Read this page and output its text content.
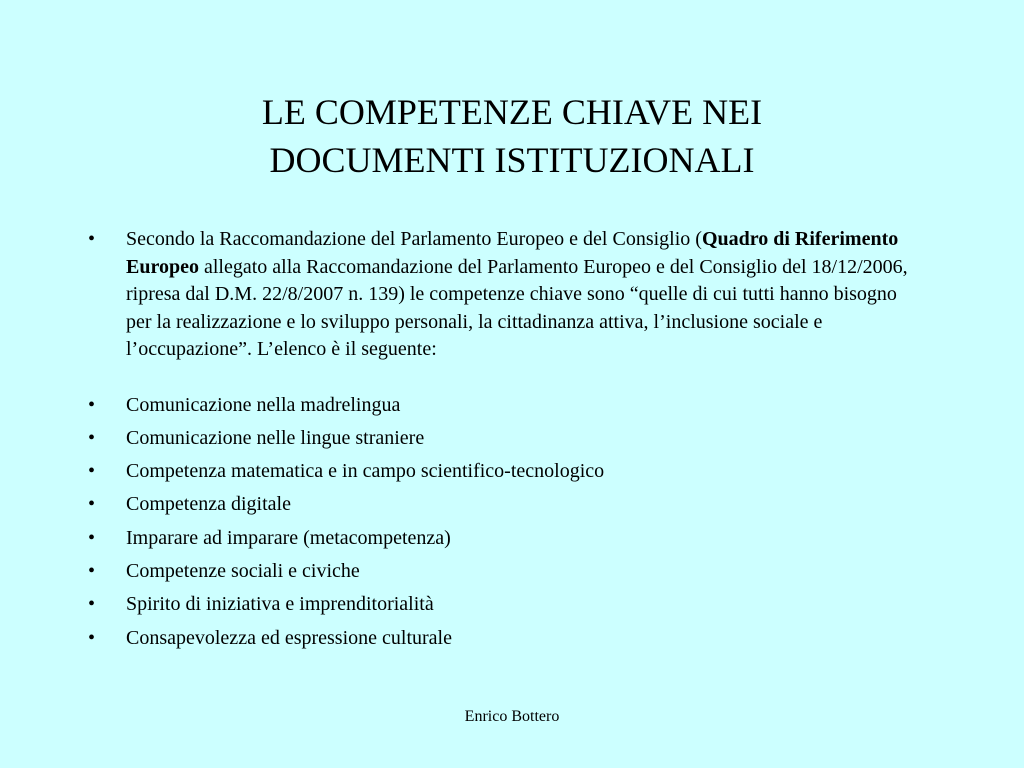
LE COMPETENZE CHIAVE NEI
DOCUMENTI ISTITUZIONALI
• Secondo la Raccomandazione del Parlamento Europeo e del Consiglio (Quadro di Riferimento Europeo allegato alla Raccomandazione del Parlamento Europeo e del Consiglio del 18/12/2006, ripresa dal D.M. 22/8/2007 n. 139) le competenze chiave sono “quelle di cui tutti hanno bisogno per la realizzazione e lo sviluppo personali, la cittadinanza attiva, l’inclusione sociale e l’occupazione”. L’elenco è il seguente:
• Comunicazione nella madrelingua
• Comunicazione nelle lingue straniere
• Competenza matematica e in campo scientifico-tecnologico
• Competenza digitale
• Imparare ad imparare (metacompetenza)
• Competenze sociali e civiche
• Spirito di iniziativa e imprenditorialità
• Consapevolezza ed espressione culturale
Enrico Bottero
